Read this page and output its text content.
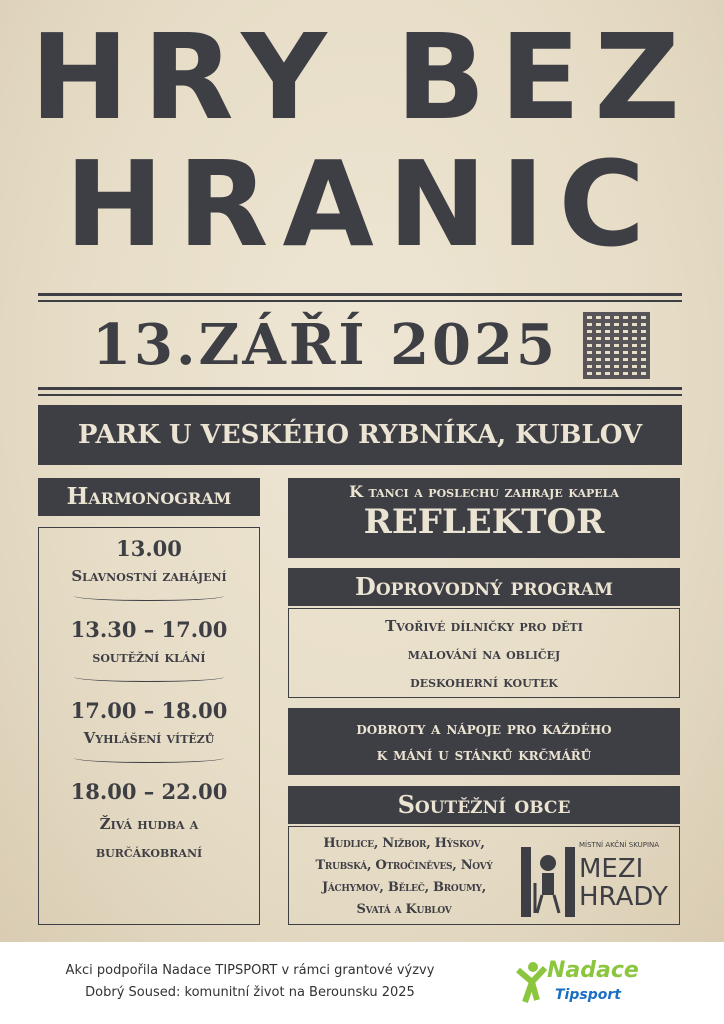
HRY BEZ
HRANIC
13.ZÁŘÍ 2025
PARK U VESKÉHO RYBNÍKA, KUBLOV
Harmonogram
13.00
Slavnostní zahájení
13.30 – 17.00
soutěžní klání
17.00 – 18.00
Vyhlášení vítězů
18.00 – 22.00
Živá hudba a burčákobraní
K tanci a poslechu zahraje kapela
REFLEKTOR
Doprovodný program
Tvořivé dílničky pro děti
malování na obličej
deskoherní koutek
dobroty a nápoje pro každého
k mání u stánků krčmářů
Soutěžní obce
Hudlice, Nižbor, Hýskov,
Trubská, Otročiněves, Nový
Jáchymov, Běleč, Broumy,
Svatá a Kublov
MÍSTNÍ AKČNÍ SKUPINA
MEZI
HRADY
Akci podpořila Nadace TIPSPORT v rámci grantové výzvy
Dobrý Soused: komunitní život na Berounsku 2025
Nadace
Tipsport
